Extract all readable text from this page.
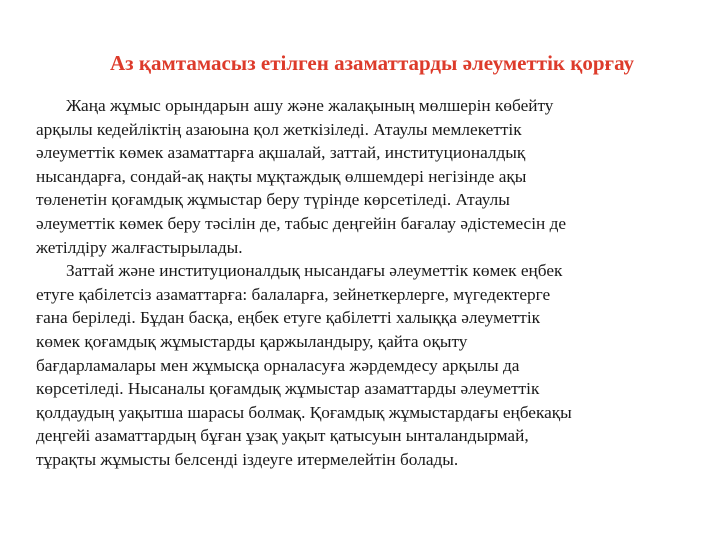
Аз қамтамасыз етілген азаматтарды әлеуметтік қорғау
Жаңа жұмыс орындарын ашу және жалақының мөлшерін көбейту
арқылы кедейліктің азаюына қол жеткізіледі. Атаулы мемлекеттік
әлеуметтік көмек азаматтарға ақшалай, заттай, институционалдық
нысандарға, сондай-ақ нақты мұқтаждық өлшемдері негізінде ақы
төленетін қоғамдық жұмыстар беру түрінде көрсетіледі. Атаулы
әлеуметтік көмек беру тәсілін де, табыс деңгейін бағалау әдістемесін де
жетілдіру жалғастырылады.
Заттай және институционалдық нысандағы әлеуметтік көмек еңбек
етуге қабілетсіз азаматтарға: балаларға, зейнеткерлерге, мүгедектерге
ғана беріледі. Бұдан басқа, еңбек етуге қабілетті халыққа әлеуметтік
көмек қоғамдық жұмыстарды қаржыландыру, қайта оқыту
бағдарламалары мен жұмысқа орналасуға жәрдемдесу арқылы да
көрсетіледі. Нысаналы қоғамдық жұмыстар азаматтарды әлеуметтік
қолдаудың уақытша шарасы болмақ. Қоғамдық жұмыстардағы еңбекақы
деңгейі азаматтардың бұған ұзақ уақыт қатысуын ынталандырмай,
тұрақты жұмысты белсенді іздеуге итермелейтін болады.
